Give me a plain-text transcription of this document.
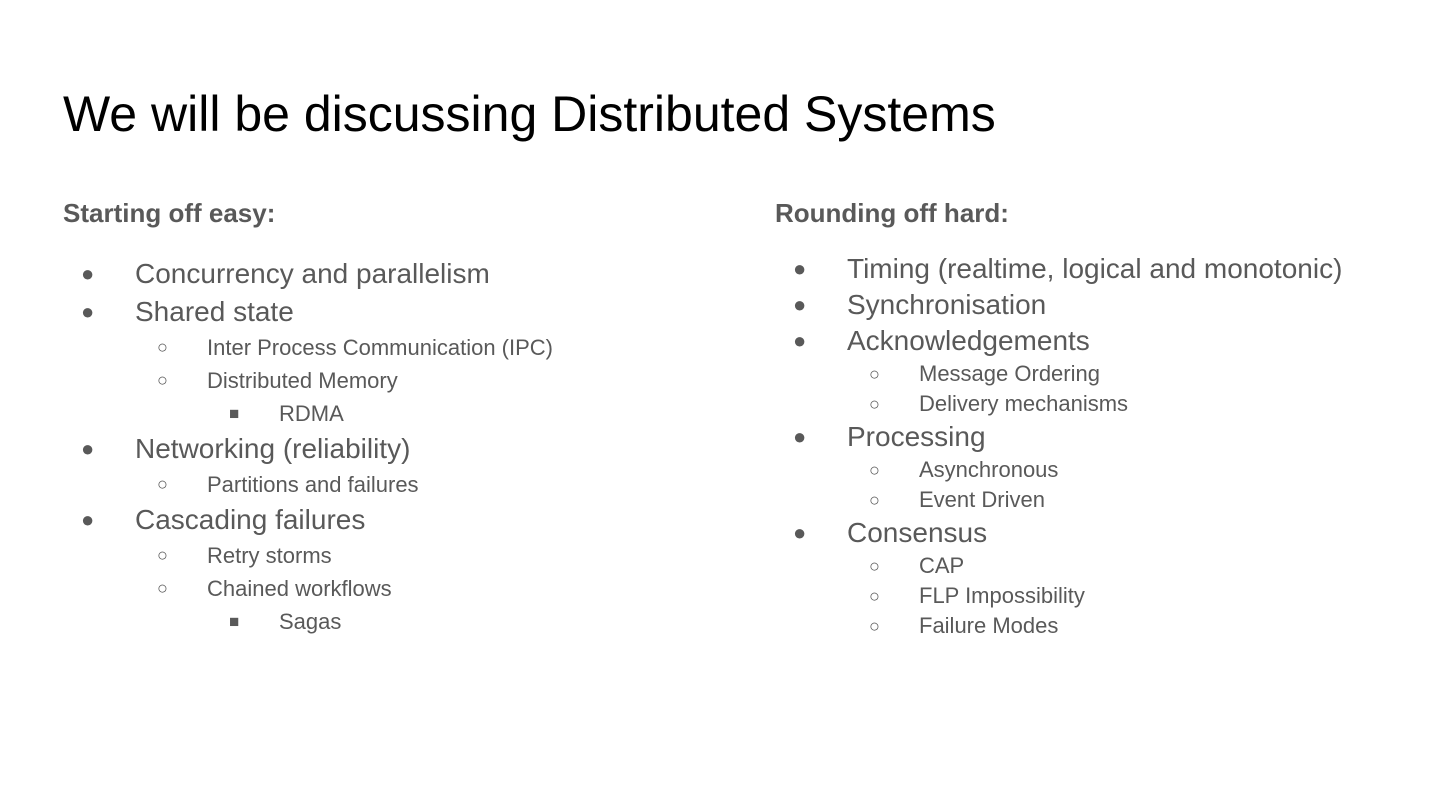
We will be discussing Distributed Systems
Starting off easy:
● Concurrency and parallelism
● Shared state
○ Inter Process Communication (IPC)
○ Distributed Memory
■ RDMA
● Networking (reliability)
○ Partitions and failures
● Cascading failures
○ Retry storms
○ Chained workflows
■ Sagas
Rounding off hard:
● Timing (realtime, logical and monotonic)
● Synchronisation
● Acknowledgements
○ Message Ordering
○ Delivery mechanisms
● Processing
○ Asynchronous
○ Event Driven
● Consensus
○ CAP
○ FLP Impossibility
○ Failure Modes
